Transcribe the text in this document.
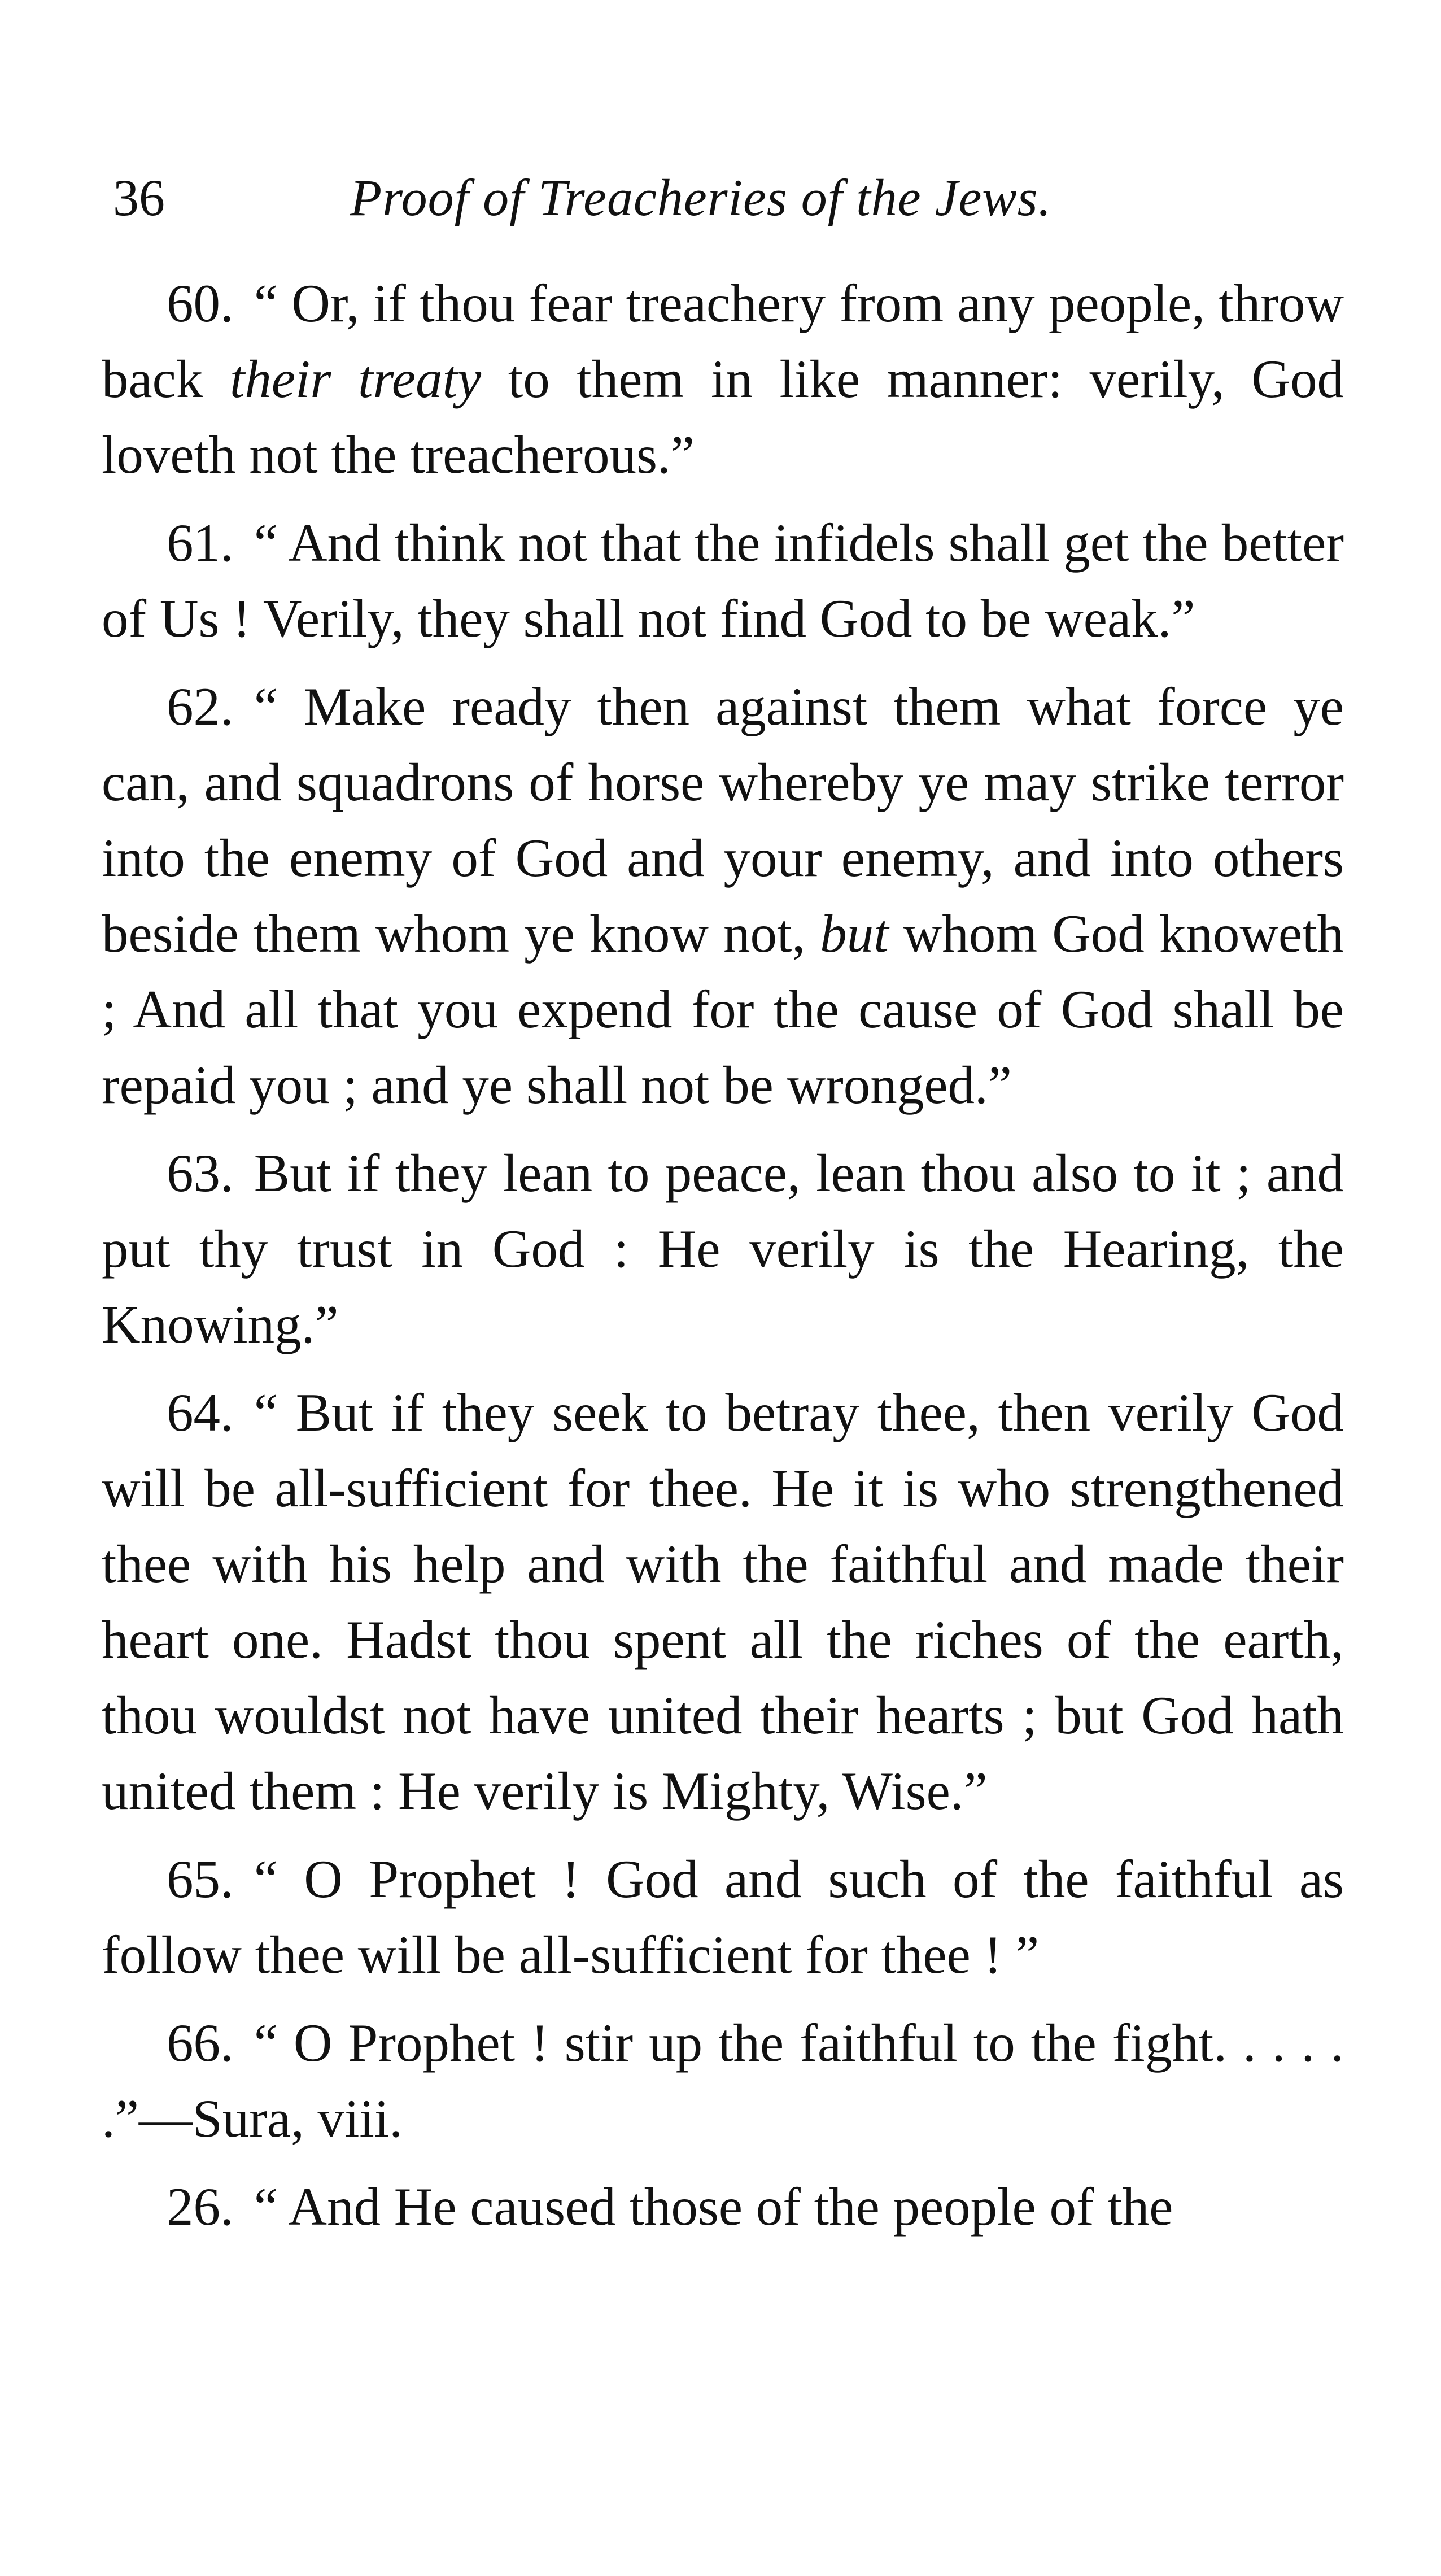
36	Proof of Treacheries of the Jews.

60. “ Or, if thou fear treachery from any people, throw back their treaty to them in like manner: verily, God loveth not the treacherous.”

61. “ And think not that the infidels shall get the better of Us ! Verily, they shall not find God to be weak.”

62. “ Make ready then against them what force ye can, and squadrons of horse whereby ye may strike terror into the enemy of God and your enemy, and into others beside them whom ye know not, but whom God knoweth ; And all that you expend for the cause of God shall be repaid you ; and ye shall not be wronged.”

63. But if they lean to peace, lean thou also to it ; and put thy trust in God : He verily is the Hearing, the Knowing.”

64. “ But if they seek to betray thee, then verily God will be all-sufficient for thee. He it is who strengthened thee with his help and with the faithful and made their heart one. Hadst thou spent all the riches of the earth, thou wouldst not have united their hearts ; but God hath united them : He verily is Mighty, Wise.”

65. “ O Prophet ! God and such of the faithful as follow thee will be all-sufficient for thee ! ”

66. “ O Prophet ! stir up the faithful to the fight. . . . . .”—Sura, viii.

26. “ And He caused those of the people of the
